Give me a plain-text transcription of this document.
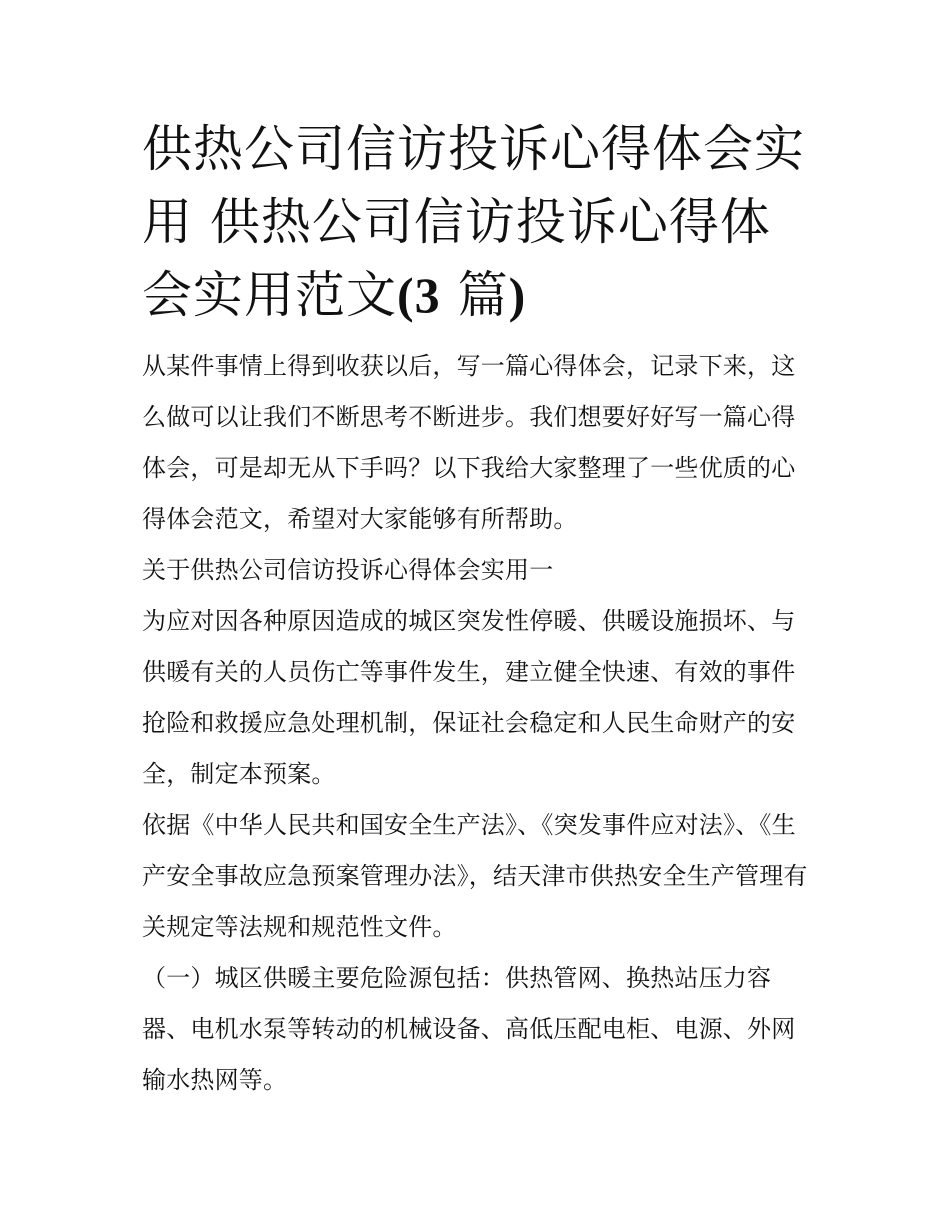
供热公司信访投诉心得体会实用 供热公司信访投诉心得体会实用范文(3 篇)

从某件事情上得到收获以后，写一篇心得体会，记录下来，这么做可以让我们不断思考不断进步。我们想要好好写一篇心得体会，可是却无从下手吗？以下我给大家整理了一些优质的心得体会范文，希望对大家能够有所帮助。

关于供热公司信访投诉心得体会实用一

为应对因各种原因造成的城区突发性停暖、供暖设施损坏、与供暖有关的人员伤亡等事件发生，建立健全快速、有效的事件抢险和救援应急处理机制，保证社会稳定和人民生命财产的安全，制定本预案。

依据《中华人民共和国安全生产法》、《突发事件应对法》、《生产安全事故应急预案管理办法》，结天津市供热安全生产管理有关规定等法规和规范性文件。

（一）城区供暖主要危险源包括：供热管网、换热站压力容器、电机水泵等转动的机械设备、高低压配电柜、电源、外网输水热网等。
